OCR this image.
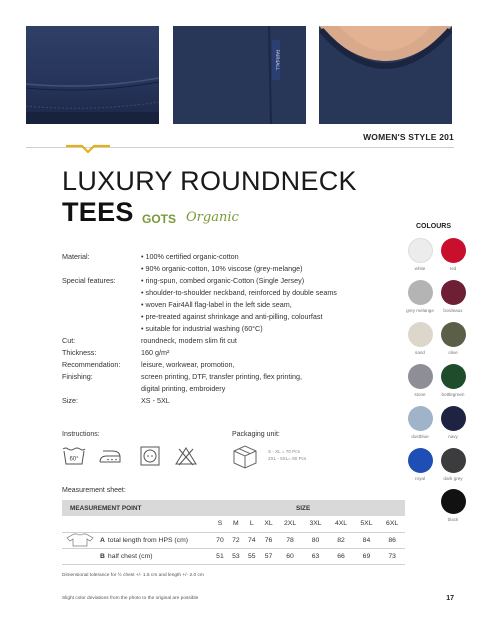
FAIR4ALL
WOMEN'S STYLE 201
LUXURY ROUNDNECK
TEES GOTS Organic
Material:	• 100% certified organic-cotton
• 90% organic-cotton, 10% viscose (grey-melange)
Special features:	• ring-spun, combed organic-Cotton (Single Jersey)
• shoulder-to-shoulder neckband, reinforced by double seams
• woven Fair4All flag-label in the left side seam,
• pre-treated against shrinkage and anti-pilling, colourfast
• suitable for industrial washing (60°C)
Cut:	roundneck, modern slim fit cut
Thickness:	160 g/m²
Recommendation:	leisure, workwear, promotion,
Finishing:	screen printing, DTF, transfer printing, flex printing,
digital printing, embroidery
Size:	XS - 5XL
COLOURS
white	red
grey melange	bordeaux
sand	olive
stone	bottlegreen
dustblue	navy
royal	dark grey
black
Instructions:
60°
Packaging unit:
S - XL = 70 Pcs
2XL - 5XL= 60 Pcs
Measurement sheet:
MEASUREMENT POINT	SIZE								
	S	M	L	XL	2XL	3XL	4XL	5XL	6XL
A total length from HPS (cm)	70	72	74	76	78	80	82	84	86
B half chest (cm)	51	53	55	57	60	63	66	69	73
Dimensional tolerance for ½ chest +/- 1.5 cm and length +/- 2.0 cm
Slight color deviations from the photo to the original are possible	17
